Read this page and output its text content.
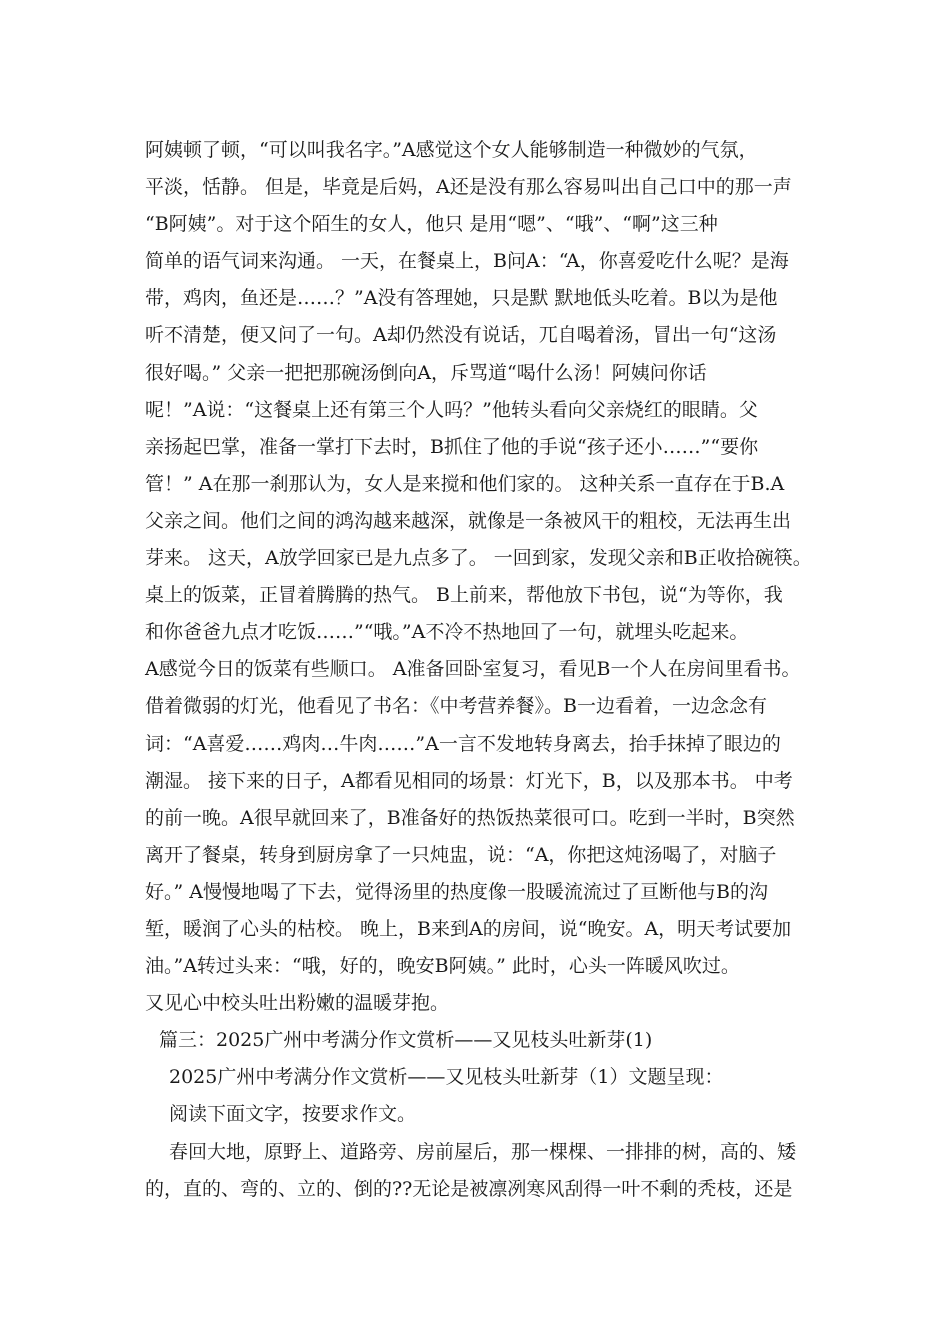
阿姨顿了顿，“可以叫我名字。”A感觉这个女人能够制造一种微妙的气氛，
平淡，恬静。 但是，毕竟是后妈，A还是没有那么容易叫出自己口中的那一声
“B阿姨”。对于这个陌生的女人，他只 是用“嗯”、“哦”、“啊”这三种
简单的语气词来沟通。 一天，在餐桌上，B问A：“A，你喜爱吃什么呢？是海
带，鸡肉，鱼还是……？”A没有答理她，只是默 默地低头吃着。B以为是他
听不清楚，便又问了一句。A却仍然没有说话，兀自喝着汤，冒出一句“这汤
很好喝。” 父亲一把把那碗汤倒向A，斥骂道“喝什么汤！阿姨问你话
呢！”A说：“这餐桌上还有第三个人吗？”他转头看向父亲烧红的眼睛。父
亲扬起巴掌，准备一掌打下去时，B抓住了他的手说“孩子还小……”“要你
管！” A在那一刹那认为，女人是来搅和他们家的。 这种关系一直存在于B.A
父亲之间。他们之间的鸿沟越来越深，就像是一条被风干的粗校，无法再生出
芽来。 这天，A放学回家已是九点多了。 一回到家，发现父亲和B正收拾碗筷。
桌上的饭菜，正冒着腾腾的热气。 B上前来，帮他放下书包，说“为等你，我
和你爸爸九点才吃饭……”“哦。”A不冷不热地回了一句，就埋头吃起来。
A感觉今日的饭菜有些顺口。 A准备回卧室复习，看见B一个人在房间里看书。
借着微弱的灯光，他看见了书名：《中考营养餐》。B一边看着，一边念念有
词：“A喜爱……鸡肉…牛肉……”A一言不发地转身离去，抬手抹掉了眼边的
潮湿。 接下来的日子，A都看见相同的场景：灯光下，B，以及那本书。 中考
的前一晚。A很早就回来了，B准备好的热饭热菜很可口。吃到一半时，B突然
离开了餐桌，转身到厨房拿了一只炖盅，说：“A，你把这炖汤喝了，对脑子
好。” A慢慢地喝了下去，觉得汤里的热度像一股暖流流过了亘断他与B的沟
堑，暖润了心头的枯校。 晚上，B来到A的房间，说“晚安。A，明天考试要加
油。”A转过头来：“哦，好的，晚安B阿姨。” 此时，心头一阵暖风吹过。
又见心中校头吐出粉嫩的温暖芽抱。
篇三：2025广州中考满分作文赏析——又见枝头吐新芽(1)
2025广州中考满分作文赏析——又见枝头吐新芽（1）文题呈现：
阅读下面文字，按要求作文。
春回大地，原野上、道路旁、房前屋后，那一棵棵、一排排的树，高的、矮
的，直的、弯的、立的、倒的??无论是被凛冽寒风刮得一叶不剩的秃枝，还是
